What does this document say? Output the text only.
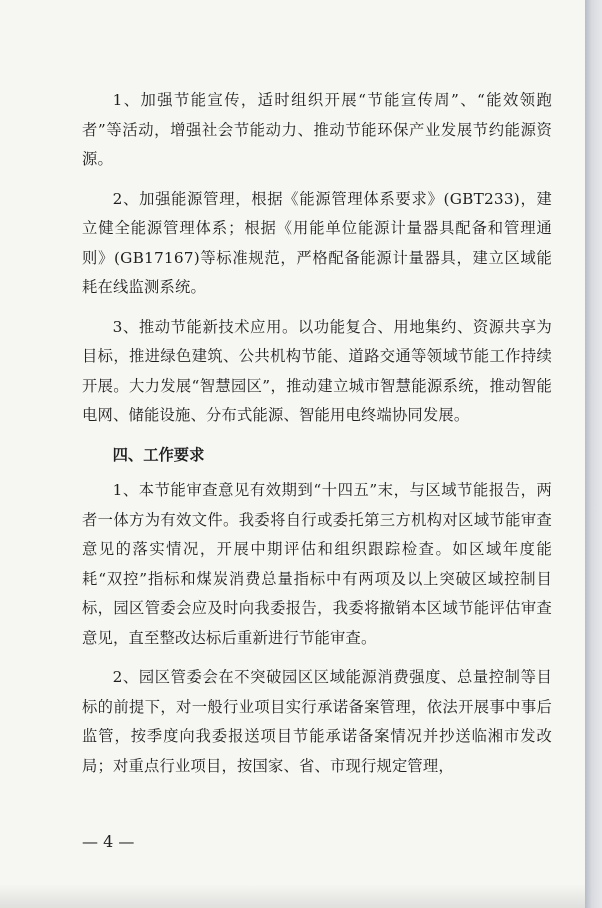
1、加强节能宣传，适时组织开展“节能宣传周”、“能效领跑者”等活动，增强社会节能动力、推动节能环保产业发展节约能源资源。

2、加强能源管理，根据《能源管理体系要求》(GBT233)，建立健全能源管理体系；根据《用能单位能源计量器具配备和管理通则》(GB17167)等标准规范，严格配备能源计量器具，建立区域能耗在线监测系统。

3、推动节能新技术应用。以功能复合、用地集约、资源共享为目标，推进绿色建筑、公共机构节能、道路交通等领域节能工作持续开展。大力发展“智慧园区”，推动建立城市智慧能源系统，推动智能电网、储能设施、分布式能源、智能用电终端协同发展。

四、工作要求

1、本节能审查意见有效期到“十四五”末，与区域节能报告，两者一体方为有效文件。我委将自行或委托第三方机构对区域节能审查意见的落实情况，开展中期评估和组织跟踪检查。如区域年度能耗“双控”指标和煤炭消费总量指标中有两项及以上突破区域控制目标，园区管委会应及时向我委报告，我委将撤销本区域节能评估审查意见，直至整改达标后重新进行节能审查。

2、园区管委会在不突破园区区域能源消费强度、总量控制等目标的前提下，对一般行业项目实行承诺备案管理，依法开展事中事后监管，按季度向我委报送项目节能承诺备案情况并抄送临湘市发改局；对重点行业项目，按国家、省、市现行规定管理，

— 4 —
